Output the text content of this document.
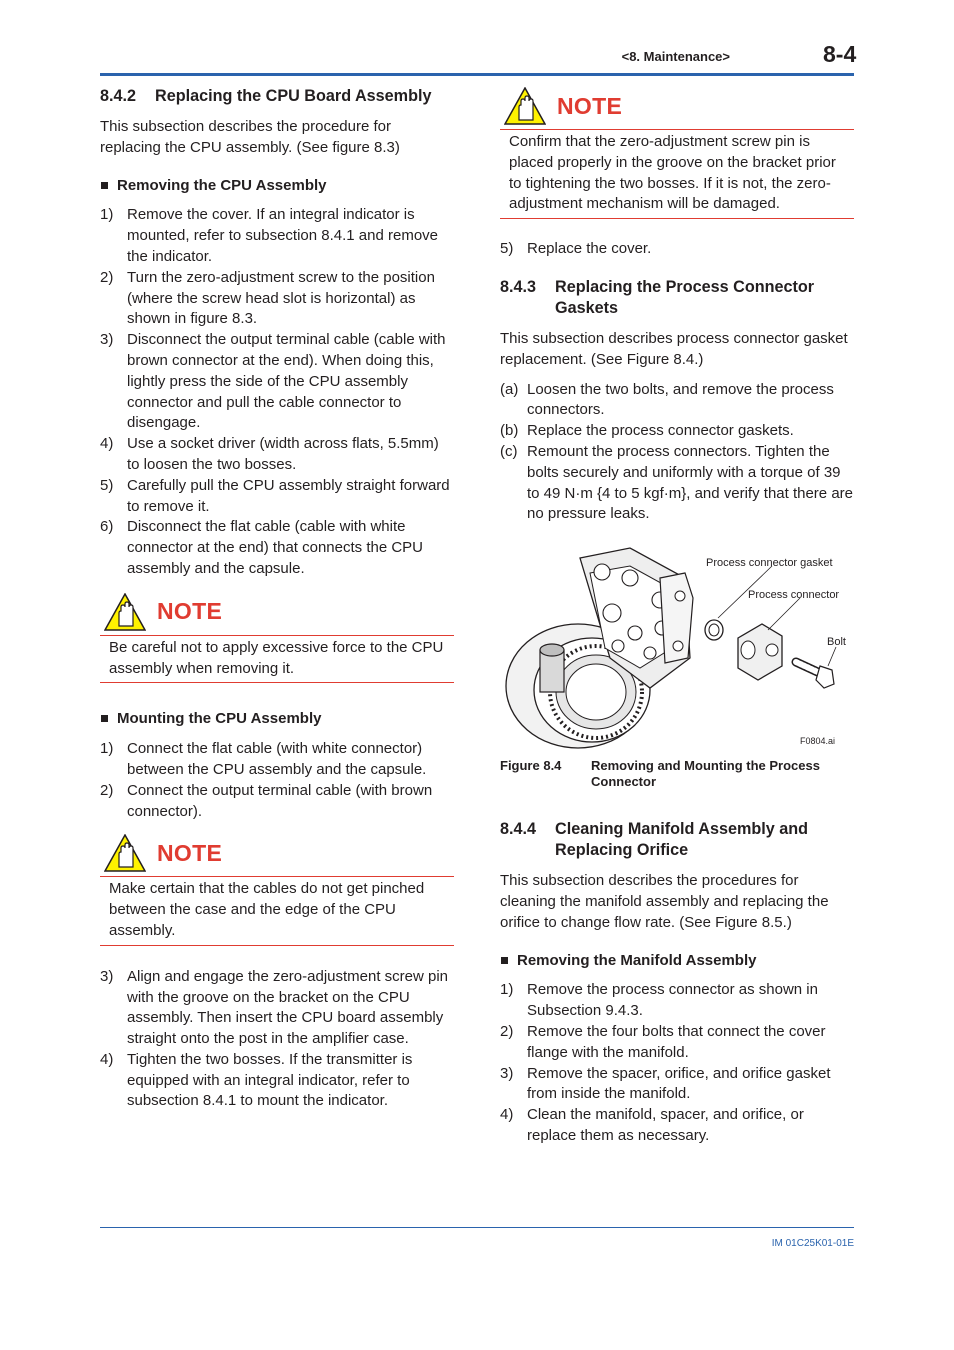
<8. Maintenance>	8-4
8.4.2	Replacing the CPU Board Assembly

This subsection describes the procedure for replacing the CPU assembly. (See figure 8.3)

Removing the CPU Assembly
1) Remove the cover. If an integral indicator is mounted, refer to subsection 8.4.1 and remove the indicator.
2) Turn the zero-adjustment screw to the position (where the screw head slot is horizontal) as shown in figure 8.3.
3) Disconnect the output terminal cable (cable with brown connector at the end). When doing this, lightly press the side of the CPU assembly connector and pull the cable connector to disengage.
4) Use a socket driver (width across flats, 5.5mm) to loosen the two bosses.
5) Carefully pull the CPU assembly straight forward to remove it.
6) Disconnect the flat cable (cable with white connector at the end) that connects the CPU assembly and the capsule.
NOTE
Be careful not to apply excessive force to the CPU assembly when removing it.
Mounting the CPU Assembly
1) Connect the flat cable (with white connector) between the CPU assembly and the capsule.
2) Connect the output terminal cable (with brown connector).
NOTE
Make certain that the cables do not get pinched between the case and the edge of the CPU assembly.
3) Align and engage the zero-adjustment screw pin with the groove on the bracket on the CPU assembly. Then insert the CPU board assembly straight onto the post in the amplifier case.
4) Tighten the two bosses. If the transmitter is equipped with an integral indicator, refer to subsection 8.4.1 to mount the indicator.
NOTE
Confirm that the zero-adjustment screw pin is placed properly in the groove on the bracket prior to tightening the two bosses. If it is not, the zero-adjustment mechanism will be damaged.
5) Replace the cover.
8.4.3	Replacing the Process Connector Gaskets

This subsection describes process connector gasket replacement. (See Figure 8.4.)

(a) Loosen the two bolts, and remove the process connectors.
(b) Replace the process connector gaskets.
(c) Remount the process connectors. Tighten the bolts securely and uniformly with a torque of 39 to 49 N·m {4 to 5 kgf·m}, and verify that there are no pressure leaks.
Process connector gasket
Process connector
Bolt
F0804.ai
Figure 8.4	Removing and Mounting the Process Connector
8.4.4	Cleaning Manifold Assembly and Replacing Orifice

This subsection describes the procedures for cleaning the manifold assembly and replacing the orifice to change flow rate. (See Figure 8.5.)

Removing the Manifold Assembly
1) Remove the process connector as shown in Subsection 9.4.3.
2) Remove the four bolts that connect the cover flange with the manifold.
3) Remove the spacer, orifice, and orifice gasket from inside the manifold.
4) Clean the manifold, spacer, and orifice, or replace them as necessary.
IM 01C25K01-01E
